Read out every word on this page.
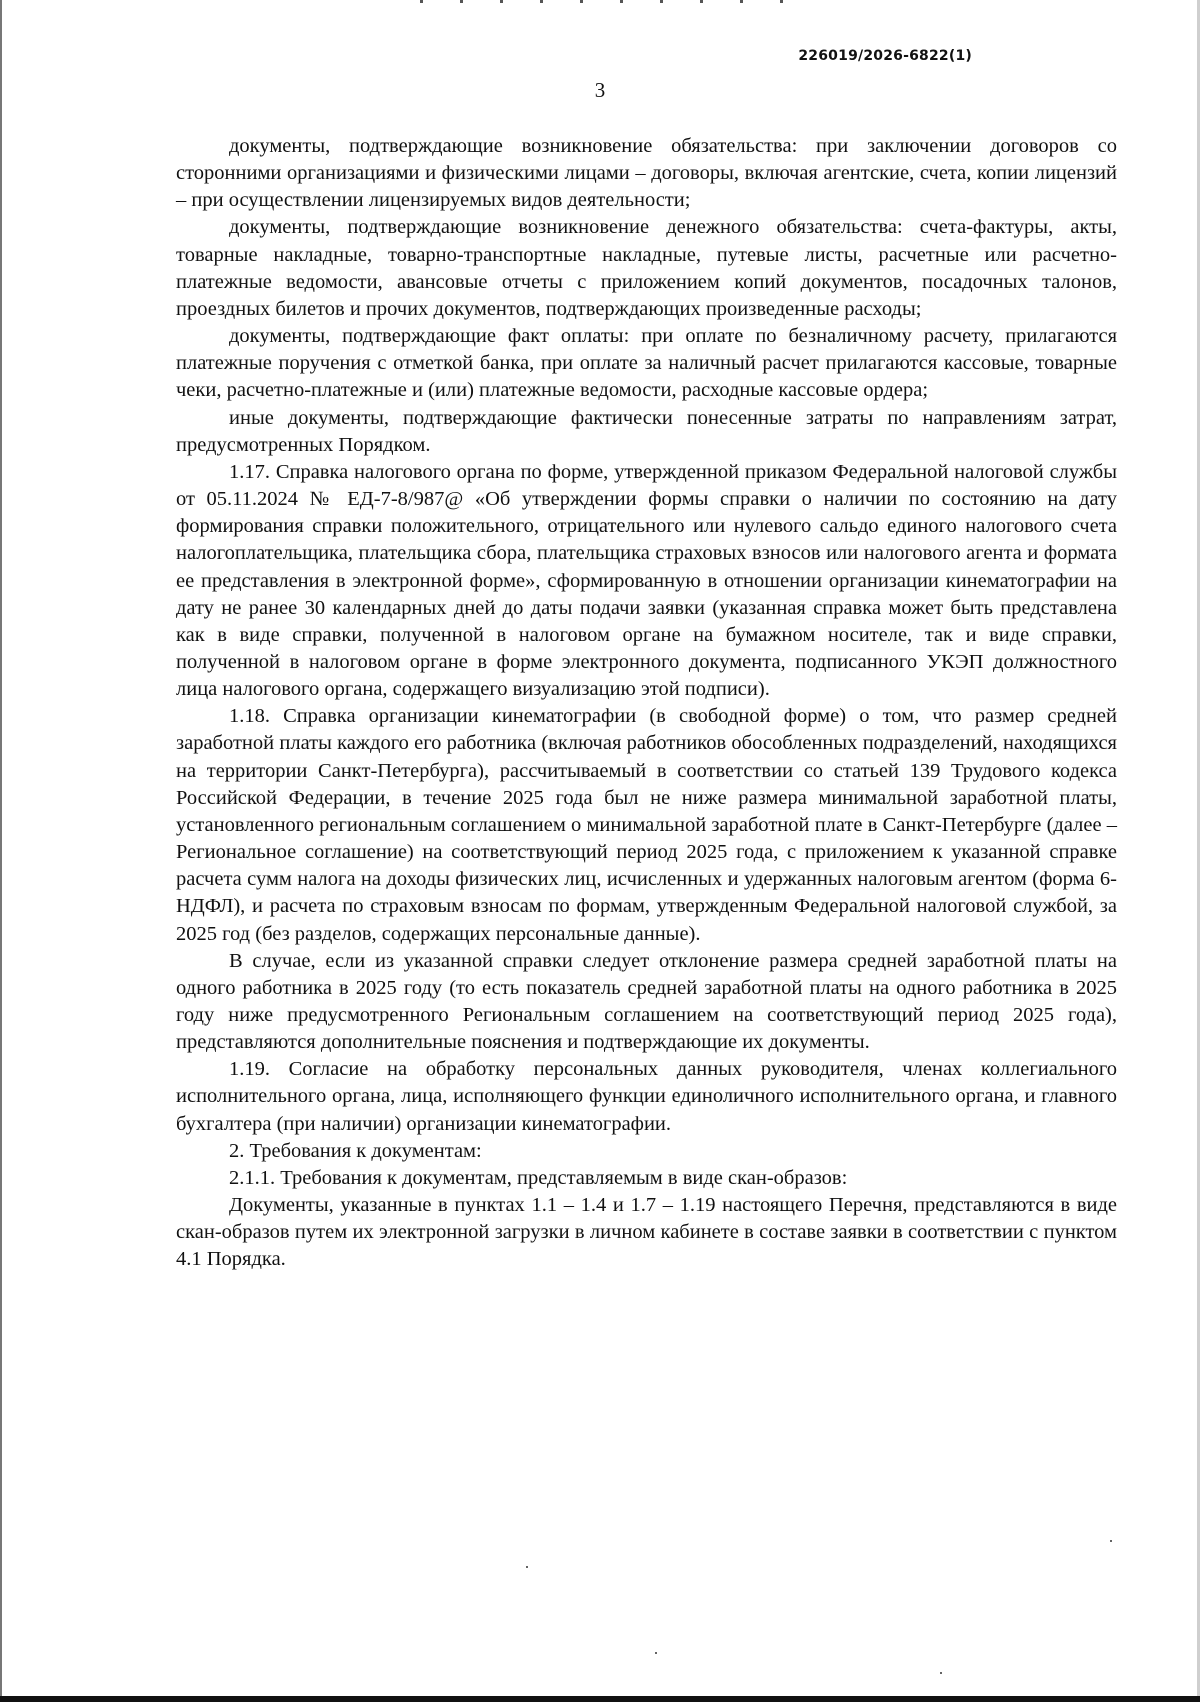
226019/2026-6822(1)
3

документы, подтверждающие возникновение обязательства: при заключении договоров со сторонними организациями и физическими лицами – договоры, включая агентские, счета, копии лицензий – при осуществлении лицензируемых видов деятельности;

документы, подтверждающие возникновение денежного обязательства: счета-фактуры, акты, товарные накладные, товарно-транспортные накладные, путевые листы, расчетные или расчетно-платежные ведомости, авансовые отчеты с приложением копий документов, посадочных талонов, проездных билетов и прочих документов, подтверждающих произведенные расходы;

документы, подтверждающие факт оплаты: при оплате по безналичному расчету, прилагаются платежные поручения с отметкой банка, при оплате за наличный расчет прилагаются кассовые, товарные чеки, расчетно-платежные и (или) платежные ведомости, расходные кассовые ордера;

иные документы, подтверждающие фактически понесенные затраты по направлениям затрат, предусмотренных Порядком.

1.17. Справка налогового органа по форме, утвержденной приказом Федеральной налоговой службы от 05.11.2024 № ЕД-7-8/987@ «Об утверждении формы справки о наличии по состоянию на дату формирования справки положительного, отрицательного или нулевого сальдо единого налогового счета налогоплательщика, плательщика сбора, плательщика страховых взносов или налогового агента и формата ее представления в электронной форме», сформированную в отношении организации кинематографии на дату не ранее 30 календарных дней до даты подачи заявки (указанная справка может быть представлена как в виде справки, полученной в налоговом органе на бумажном носителе, так и виде справки, полученной в налоговом органе в форме электронного документа, подписанного УКЭП должностного лица налогового органа, содержащего визуализацию этой подписи).

1.18. Справка организации кинематографии (в свободной форме) о том, что размер средней заработной платы каждого его работника (включая работников обособленных подразделений, находящихся на территории Санкт-Петербурга), рассчитываемый в соответствии со статьей 139 Трудового кодекса Российской Федерации, в течение 2025 года был не ниже размера минимальной заработной платы, установленного региональным соглашением о минимальной заработной плате в Санкт-Петербурге (далее – Региональное соглашение) на соответствующий период 2025 года, с приложением к указанной справке расчета сумм налога на доходы физических лиц, исчисленных и удержанных налоговым агентом (форма 6-НДФЛ), и расчета по страховым взносам по формам, утвержденным Федеральной налоговой службой, за 2025 год (без разделов, содержащих персональные данные).

В случае, если из указанной справки следует отклонение размера средней заработной платы на одного работника в 2025 году (то есть показатель средней заработной платы на одного работника в 2025 году ниже предусмотренного Региональным соглашением на соответствующий период 2025 года), представляются дополнительные пояснения и подтверждающие их документы.

1.19. Согласие на обработку персональных данных руководителя, членах коллегиального исполнительного органа, лица, исполняющего функции единоличного исполнительного органа, и главного бухгалтера (при наличии) организации кинематографии.

2. Требования к документам:

2.1.1. Требования к документам, представляемым в виде скан-образов:

Документы, указанные в пунктах 1.1 – 1.4 и 1.7 – 1.19 настоящего Перечня, представляются в виде скан-образов путем их электронной загрузки в личном кабинете в составе заявки в соответствии с пунктом 4.1 Порядка.
